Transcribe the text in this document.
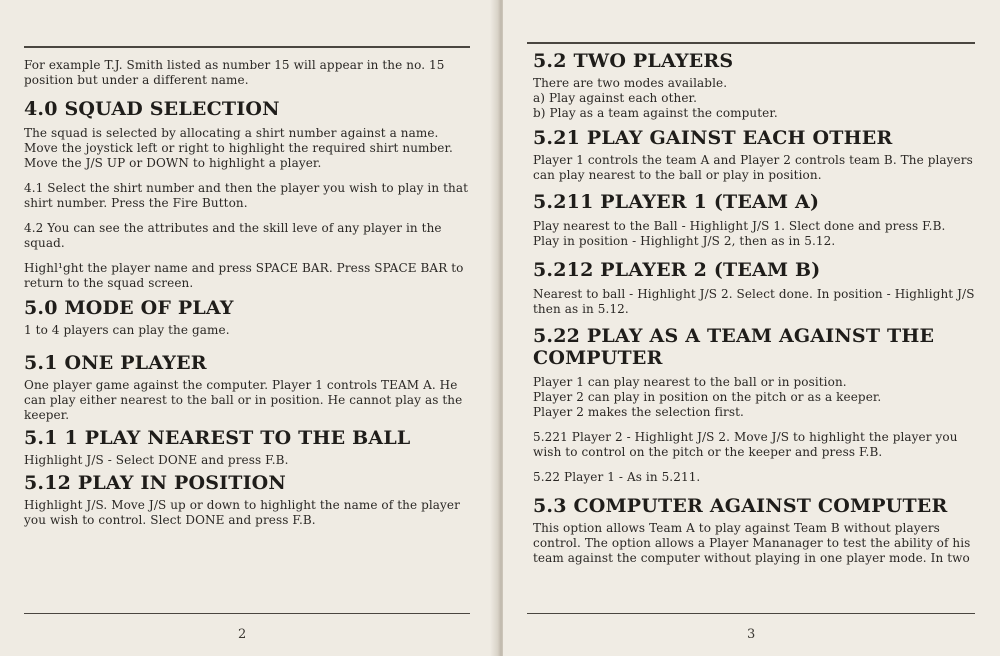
For example T.J. Smith listed as number 15 will appear in the no. 15 position but under a different name.

4.0 SQUAD SELECTION

The squad is selected by allocating a shirt number against a name. Move the joystick left or right to highlight the required shirt number. Move the J/S UP or DOWN to highlight a player.

4.1 Select the shirt number and then the player you wish to play in that shirt number. Press the Fire Button.

4.2 You can see the attributes and the skill leve of any player in the squad.

Highl¹ght the player name and press SPACE BAR. Press SPACE BAR to return to the squad screen.

5.0 MODE OF PLAY

1 to 4 players can play the game.

5.1 ONE PLAYER

One player game against the computer. Player 1 controls TEAM A. He can play either nearest to the ball or in position. He cannot play as the keeper.

5.1 1 PLAY NEAREST TO THE BALL

Highlight J/S - Select DONE and press F.B.

5.12 PLAY IN POSITION

Highlight J/S. Move J/S up or down to highlight the name of the player you wish to control. Slect DONE and press F.B.

2
5.2 TWO PLAYERS

There are two modes available.

a) Play against each other.

b) Play as a team against the computer.

5.21 PLAY GAINST EACH OTHER

Player 1 controls the team A and Player 2 controls team B. The players can play nearest to the ball or play in position.

5.211 PLAYER 1 (TEAM A)

Play nearest to the Ball - Highlight J/S 1. Slect done and press F.B.

Play in position - Highlight J/S 2, then as in 5.12.

5.212 PLAYER 2 (TEAM B)

Nearest to ball - Highlight J/S 2. Select done. In position - Highlight J/S then as in 5.12.

5.22 PLAY AS A TEAM AGAINST THE COMPUTER

Player 1 can play nearest to the ball or in position.

Player 2 can play in position on the pitch or as a keeper.

Player 2 makes the selection first.

5.221 Player 2 - Highlight J/S 2. Move J/S to highlight the player you wish to control on the pitch or the keeper and press F.B.

5.22 Player 1 - As in 5.211.

5.3 COMPUTER AGAINST COMPUTER

This option allows Team A to play against Team B without players control. The option allows a Player Mananager to test the ability of his team against the computer without playing in one player mode. In two

3
